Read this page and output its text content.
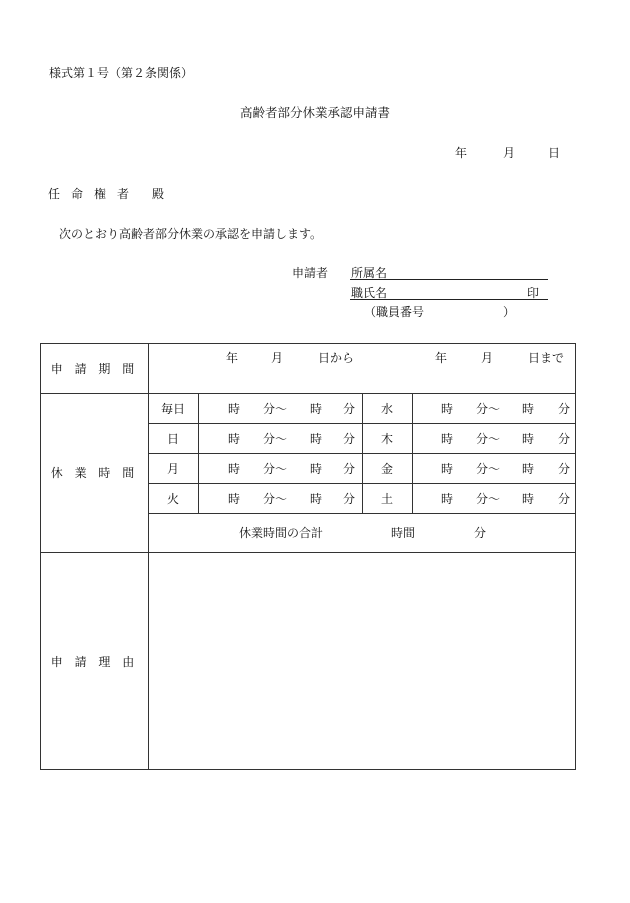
様式第１号（第２条関係）
高齢者部分休業承認申請書
年	月	日
任 命 権 者 殿
次のとおり高齢者部分休業の承認を申請します。
申請者 所属名
職氏名	印
（職員番号	）
申 請 期 間
年	月	日から	年	月	日まで
休 業 時 間
毎日	時 分～ 時 分	水	時 分～ 時 分
日	時 分～ 時 分	木	時 分～ 時 分
月	時 分～ 時 分	金	時 分～ 時 分
火	時 分～ 時 分	土	時 分～ 時 分
休業時間の合計	時間	分
申 請 理 由
